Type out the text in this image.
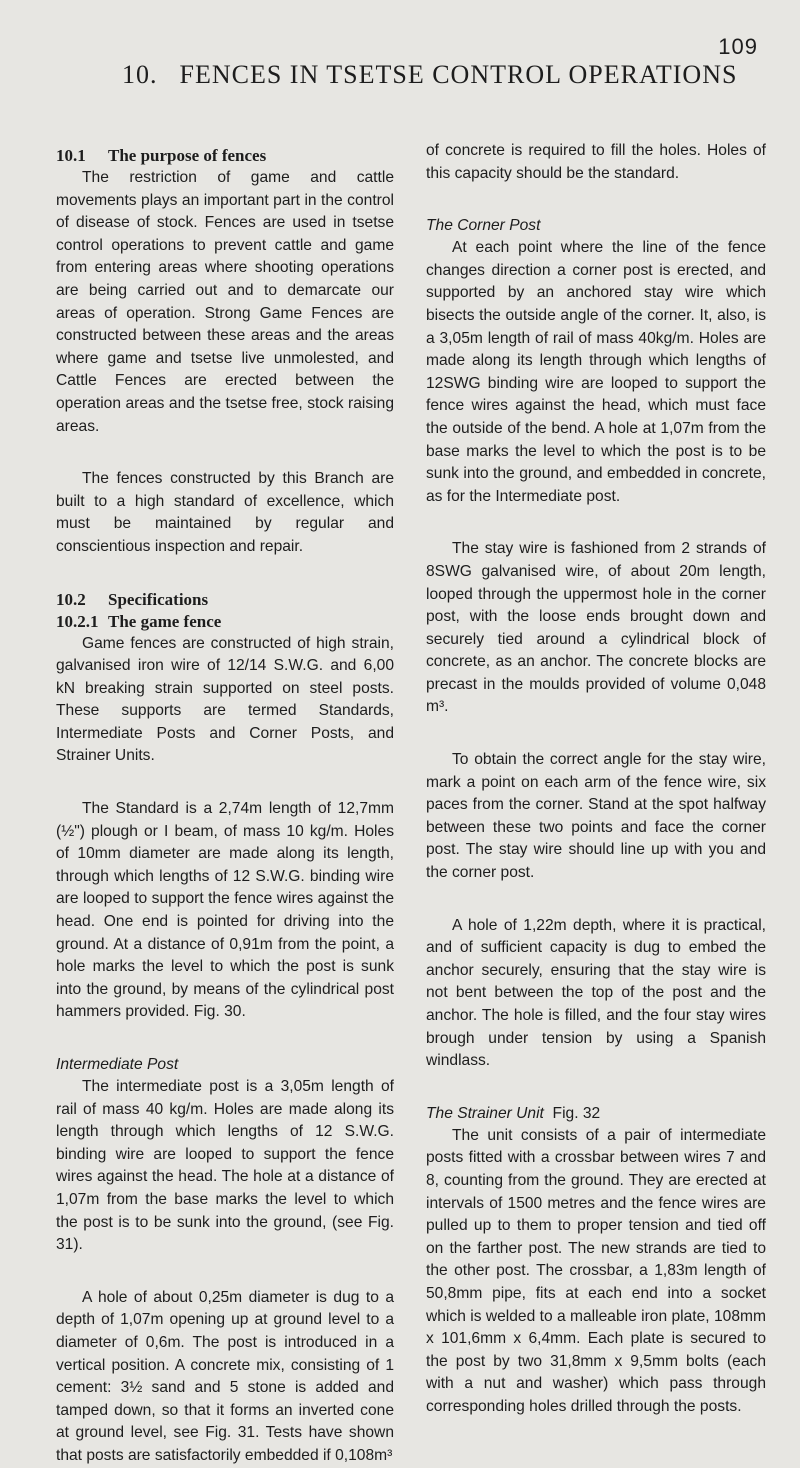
109
10. FENCES IN TSETSE CONTROL OPERATIONS
10.1 The purpose of fences

The restriction of game and cattle movements plays an important part in the control of disease of stock. Fences are used in tsetse control operations to prevent cattle and game from entering areas where shooting operations are being carried out and to demarcate our areas of operation. Strong Game Fences are constructed between these areas and the areas where game and tsetse live unmolested, and Cattle Fences are erected between the operation areas and the tsetse free, stock raising areas.

The fences constructed by this Branch are built to a high standard of excellence, which must be maintained by regular and conscientious inspection and repair.

10.2 Specifications
10.2.1 The game fence

Game fences are constructed of high strain, galvanised iron wire of 12/14 S.W.G. and 6,00 kN breaking strain supported on steel posts. These supports are termed Standards, Intermediate Posts and Corner Posts, and Strainer Units.

The Standard is a 2,74m length of 12,7mm (½") plough or I beam, of mass 10 kg/m. Holes of 10mm diameter are made along its length, through which lengths of 12 S.W.G. binding wire are looped to support the fence wires against the head. One end is pointed for driving into the ground. At a distance of 0,91m from the point, a hole marks the level to which the post is sunk into the ground, by means of the cylindrical post hammers provided. Fig. 30.

Intermediate Post

The intermediate post is a 3,05m length of rail of mass 40 kg/m. Holes are made along its length through which lengths of 12 S.W.G. binding wire are looped to support the fence wires against the head. The hole at a distance of 1,07m from the base marks the level to which the post is to be sunk into the ground, (see Fig. 31).

A hole of about 0,25m diameter is dug to a depth of 1,07m opening up at ground level to a diameter of 0,6m. The post is introduced in a vertical position. A concrete mix, consisting of 1 cement: 3½ sand and 5 stone is added and tamped down, so that it forms an inverted cone at ground level, see Fig. 31. Tests have shown that posts are satisfactorily embedded if 0,108m³

of concrete is required to fill the holes. Holes of this capacity should be the standard.

The Corner Post

At each point where the line of the fence changes direction a corner post is erected, and supported by an anchored stay wire which bisects the outside angle of the corner. It, also, is a 3,05m length of rail of mass 40kg/m. Holes are made along its length through which lengths of 12SWG binding wire are looped to support the fence wires against the head, which must face the outside of the bend. A hole at 1,07m from the base marks the level to which the post is to be sunk into the ground, and embedded in concrete, as for the Intermediate post.

The stay wire is fashioned from 2 strands of 8SWG galvanised wire, of about 20m length, looped through the uppermost hole in the corner post, with the loose ends brought down and securely tied around a cylindrical block of concrete, as an anchor. The concrete blocks are precast in the moulds provided of volume 0,048 m³.

To obtain the correct angle for the stay wire, mark a point on each arm of the fence wire, six paces from the corner. Stand at the spot halfway between these two points and face the corner post. The stay wire should line up with you and the corner post.

A hole of 1,22m depth, where it is practical, and of sufficient capacity is dug to embed the anchor securely, ensuring that the stay wire is not bent between the top of the post and the anchor. The hole is filled, and the four stay wires brough under tension by using a Spanish windlass.

The Strainer Unit Fig. 32

The unit consists of a pair of intermediate posts fitted with a crossbar between wires 7 and 8, counting from the ground. They are erected at intervals of 1500 metres and the fence wires are pulled up to them to proper tension and tied off on the farther post. The new strands are tied to the other post. The crossbar, a 1,83m length of 50,8mm pipe, fits at each end into a socket which is welded to a malleable iron plate, 108mm x 101,6mm x 6,4mm. Each plate is secured to the post by two 31,8mm x 9,5mm bolts (each with a nut and washer) which pass through corresponding holes drilled through the posts.
